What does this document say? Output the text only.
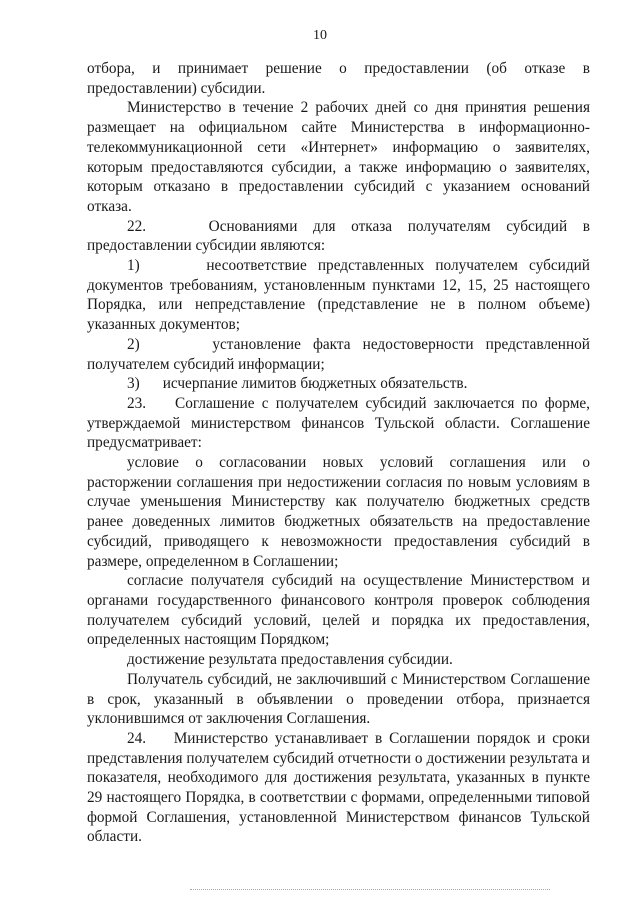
10

отбора, и принимает решение о предоставлении (об отказе в предоставлении) субсидии.

Министерство в течение 2 рабочих дней со дня принятия решения размещает на официальном сайте Министерства в информационно-телекоммуникационной сети «Интернет» информацию о заявителях, которым предоставляются субсидии, а также информацию о заявителях, которым отказано в предоставлении субсидий с указанием оснований отказа.

22.    Основаниями для отказа получателям субсидий в предоставлении субсидии являются:

1)      несоответствие представленных получателем субсидий документов требованиям, установленным пунктами 12, 15, 25 настоящего Порядка, или непредставление (представление не в полном объеме) указанных документов;

2)      установление факта недостоверности представленной получателем субсидий информации;

3)      исчерпание лимитов бюджетных обязательств.

23.    Соглашение с получателем субсидий заключается по форме, утверждаемой министерством финансов Тульской области. Соглашение предусматривает:

условие о согласовании новых условий соглашения или о расторжении соглашения при недостижении согласия по новым условиям в случае уменьшения Министерству как получателю бюджетных средств ранее доведенных лимитов бюджетных обязательств на предоставление субсидий, приводящего к невозможности предоставления субсидий в размере, определенном в Соглашении;

согласие получателя субсидий на осуществление Министерством и органами государственного финансового контроля проверок соблюдения получателем субсидий условий, целей и порядка их предоставления, определенных настоящим Порядком;

достижение результата предоставления субсидии.

Получатель субсидий, не заключивший с Министерством Соглашение в срок, указанный в объявлении о проведении отбора, признается уклонившимся от заключения Соглашения.

24.    Министерство устанавливает в Соглашении порядок и сроки представления получателем субсидий отчетности о достижении результата и показателя, необходимого для достижения результата, указанных в пункте 29 настоящего Порядка, в соответствии с формами, определенными типовой формой Соглашения, установленной Министерством финансов Тульской области.
